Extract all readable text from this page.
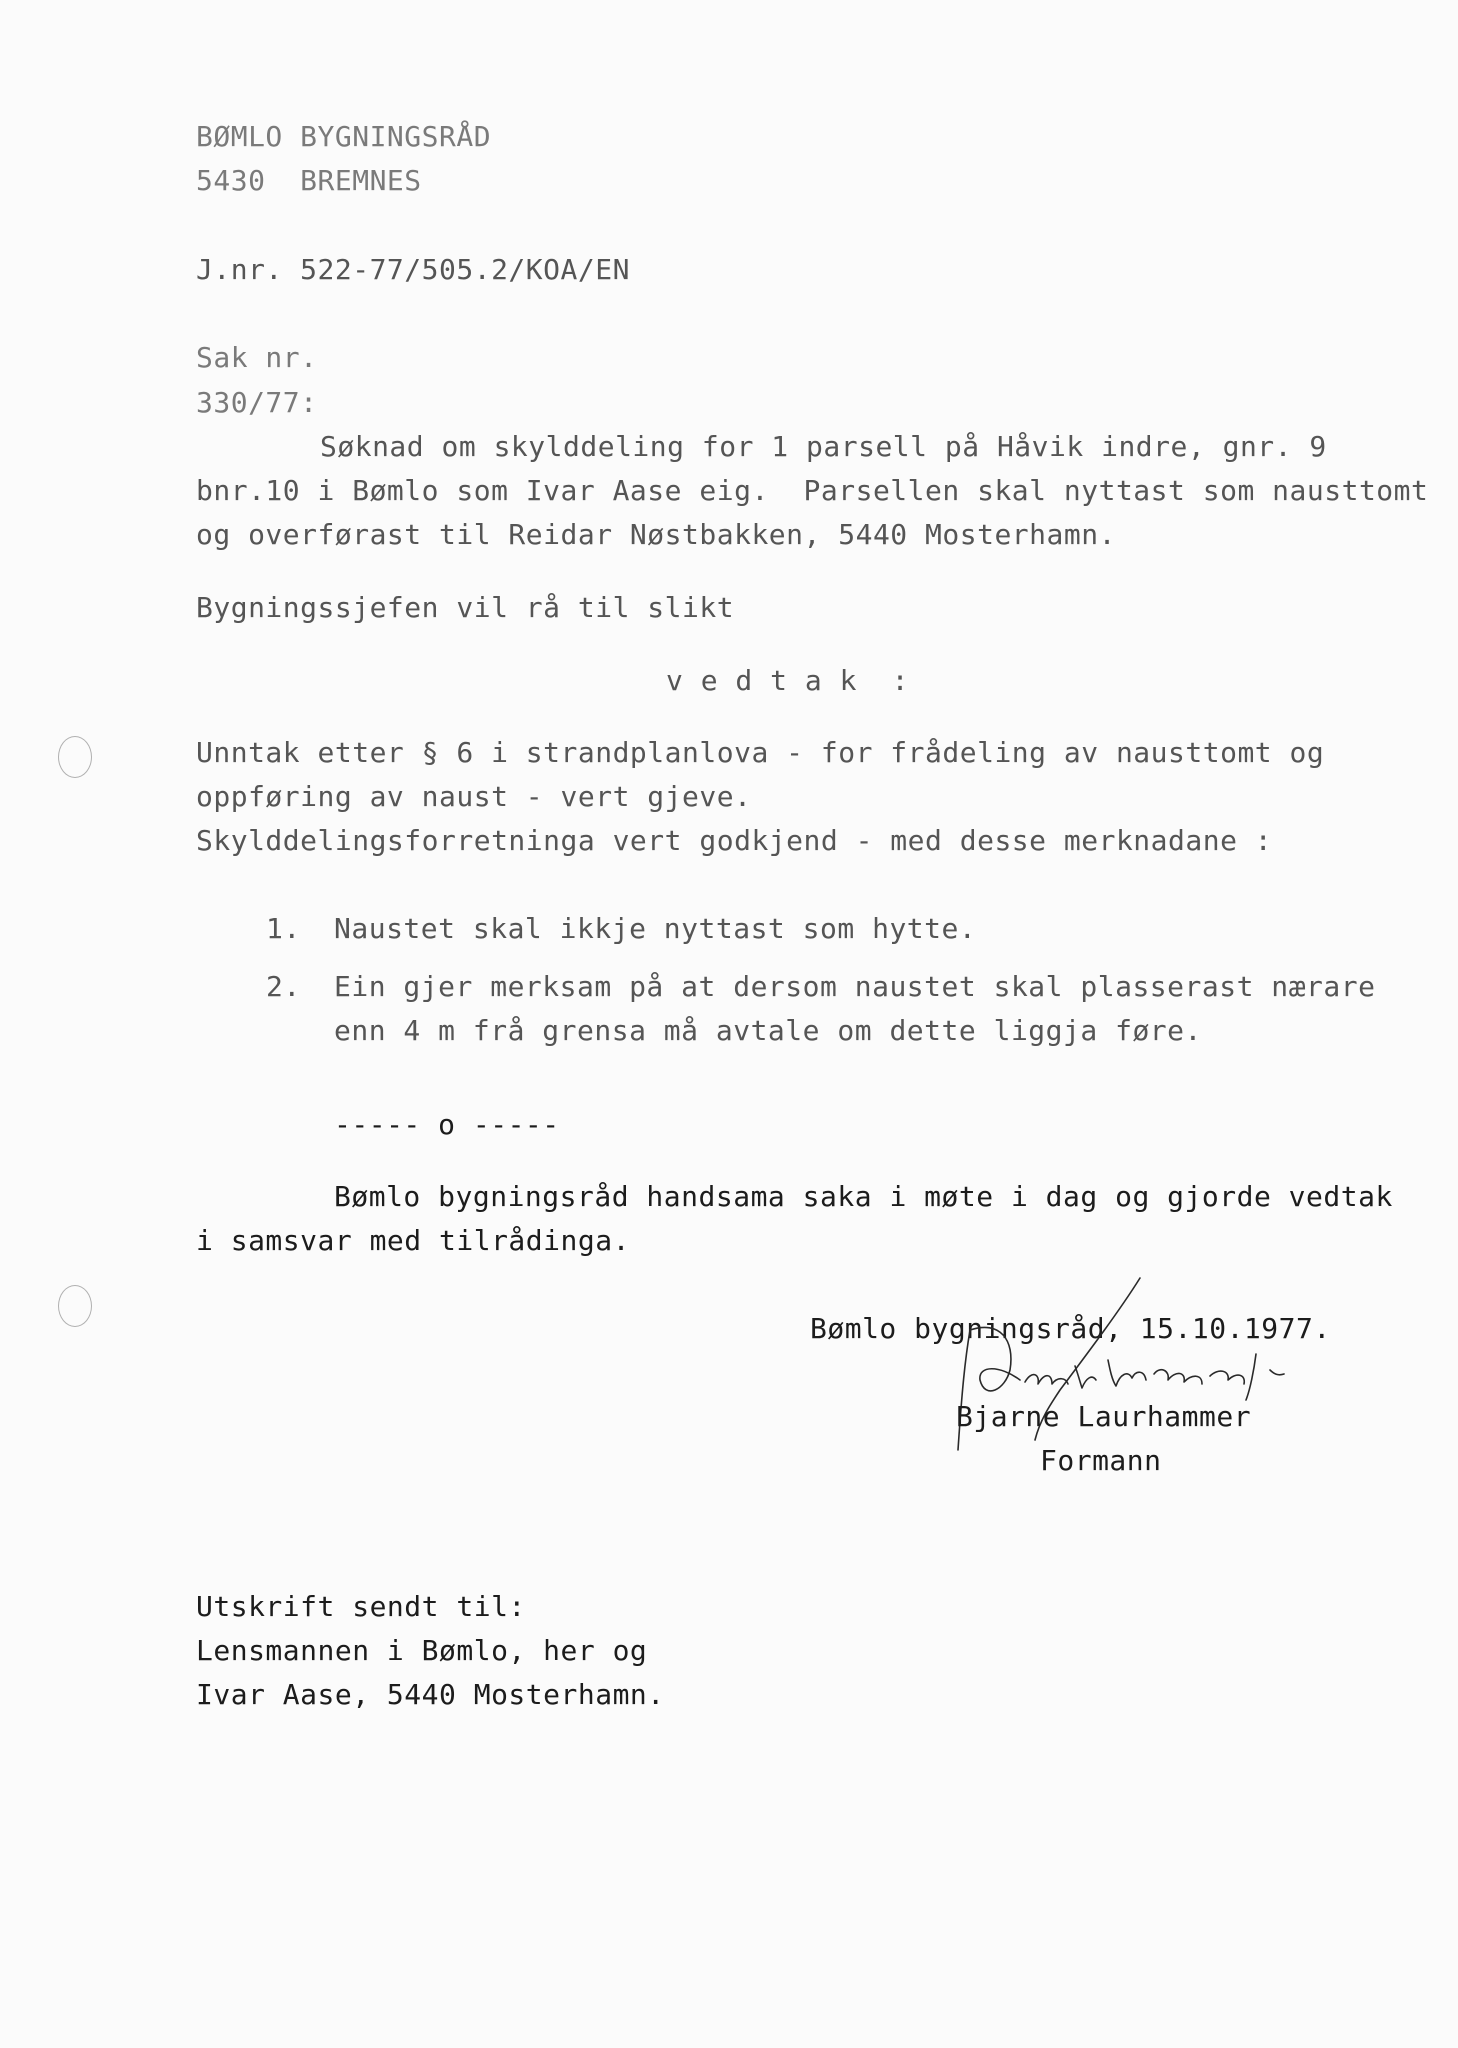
BØMLO BYGNINGSRÅD
5430  BREMNES
J.nr. 522-77/505.2/KOA/EN
Sak nr.
330/77:
Søknad om skylddeling for 1 parsell på Håvik indre, gnr. 9
bnr.10 i Bømlo som Ivar Aase eig.  Parsellen skal nyttast som nausttomt
og overførast til Reidar Nøstbakken, 5440 Mosterhamn.
Bygningssjefen vil rå til slikt
v e d t a k  :
Unntak etter § 6 i strandplanlova - for frådeling av nausttomt og
oppføring av naust - vert gjeve.
Skylddelingsforretninga vert godkjend - med desse merknadane :
1. Naustet skal ikkje nyttast som hytte.
2. Ein gjer merksam på at dersom naustet skal plasserast nærare
enn 4 m frå grensa må avtale om dette liggja føre.
----- o -----
Bømlo bygningsråd handsama saka i møte i dag og gjorde vedtak
i samsvar med tilrådinga.
Bømlo bygningsråd, 15.10.1977.
Bjarne Laurhammer
Formann
Utskrift sendt til:
Lensmannen i Bømlo, her og
Ivar Aase, 5440 Mosterhamn.
